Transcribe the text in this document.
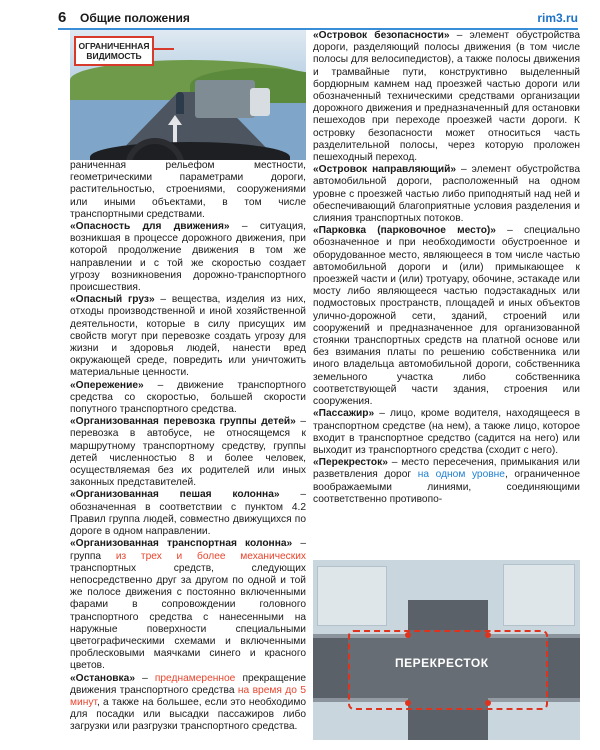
6 Общие положения	rim3.ru
ОГРАНИЧЕННАЯ ВИДИМОСТЬ

раниченная рельефом местности, геометрическими параметрами дороги, растительностью, строениями, сооружениями или иными объектами, в том числе транспортными средствами.

«Опасность для движения» – ситуация, возникшая в процессе дорожного движения, при которой продолжение движения в том же направлении и с той же скоростью создает угрозу возникновения дорожно-транспортного происшествия.

«Опасный груз» – вещества, изделия из них, отходы производственной и иной хозяйственной деятельности, которые в силу присущих им свойств могут при перевозке создать угрозу для жизни и здоровья людей, нанести вред окружающей среде, повредить или уничтожить материальные ценности.

«Опережение» – движение транспортного средства со скоростью, большей скорости попутного транспортного средства.

«Организованная перевозка группы детей» – перевозка в автобусе, не относящемся к маршрутному транспортному средству, группы детей численностью 8 и более человек, осуществляемая без их родителей или иных законных представителей.

«Организованная пешая колонна» – обозначенная в соответствии с пунктом 4.2 Правил группа людей, совместно движущихся по дороге в одном направлении.

«Организованная транспортная колонна» – группа из трех и более механических транспортных средств, следующих непосредственно друг за другом по одной и той же полосе движения с постоянно включенными фарами в сопровождении головного транспортного средства с нанесенными на наружные поверхности специальными цветографическими схемами и включенными проблесковыми маячками синего и красного цветов.

«Остановка» – преднамеренное прекращение движения транспортного средства на время до 5 минут, а также на большее, если это необходимо для посадки или высадки пассажиров либо загрузки или разгрузки транспортного средства.

«Островок безопасности» – элемент обустройства дороги, разделяющий полосы движения (в том числе полосы для велосипедистов), а также полосы движения и трамвайные пути, конструктивно выделенный бордюрным камнем над проезжей частью дороги или обозначенный техническими средствами организации дорожного движения и предназначенный для остановки пешеходов при переходе проезжей части дороги. К островку безопасности может относиться часть разделительной полосы, через которую проложен пешеходный переход.

«Островок направляющий» – элемент обустройства автомобильной дороги, расположенный на одном уровне с проезжей частью либо приподнятый над ней и обеспечивающий благоприятные условия разделения и слияния транспортных потоков.

«Парковка (парковочное место)» – специально обозначенное и при необходимости обустроенное и оборудованное место, являющееся в том числе частью автомобильной дороги и (или) примыкающее к проезжей части и (или) тротуару, обочине, эстакаде или мосту либо являющееся частью подэстакадных или подмостовых пространств, площадей и иных объектов улично-дорожной сети, зданий, строений или сооружений и предназначенное для организованной стоянки транспортных средств на платной основе или без взимания платы по решению собственника или иного владельца автомобильной дороги, собственника земельного участка либо собственника соответствующей части здания, строения или сооружения.

«Пассажир» – лицо, кроме водителя, находящееся в транспортном средстве (на нем), а также лицо, которое входит в транспортное средство (садится на него) или выходит из транспортного средства (сходит с него).

«Перекресток» – место пересечения, примыкания или разветвления дорог на одном уровне, ограниченное воображаемыми линиями, соединяющими соответственно противопо-

ПЕРЕКРЕСТОК
